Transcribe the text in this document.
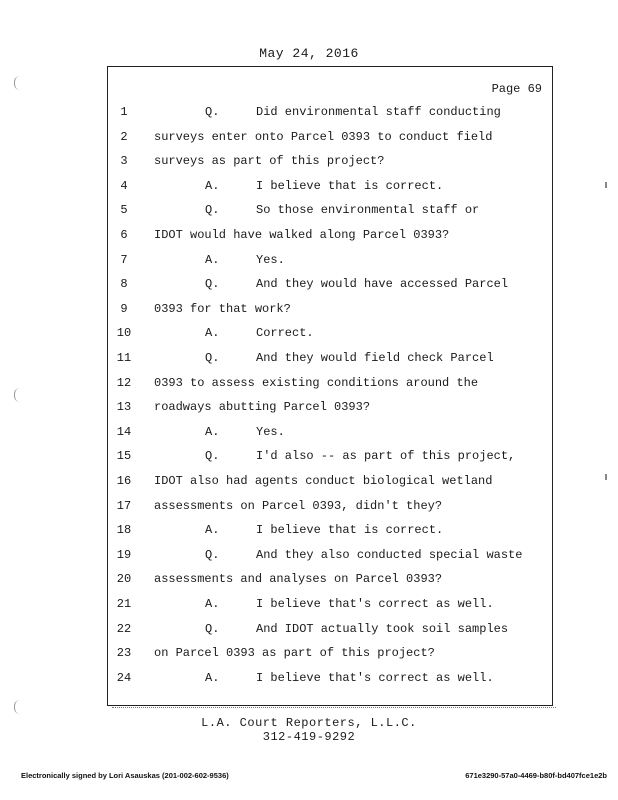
May 24, 2016
Page 69
1	Q.	Did environmental staff conducting
2	surveys enter onto Parcel 0393 to conduct field
3	surveys as part of this project?
4	A.	I believe that is correct.
5	Q.	So those environmental staff or
6	IDOT would have walked along Parcel 0393?
7	A.	Yes.
8	Q.	And they would have accessed Parcel
9	0393 for that work?
10	A.	Correct.
11	Q.	And they would field check Parcel
12 0393 to assess existing conditions around the
13 roadways abutting Parcel 0393?
14	A.	Yes.
15	Q.	I'd also -- as part of this project,
16 IDOT also had agents conduct biological wetland
17 assessments on Parcel 0393, didn't they?
18	A.	I believe that is correct.
19	Q.	And they also conducted special waste
20 assessments and analyses on Parcel 0393?
21	A.	I believe that's correct as well.
22	Q.	And IDOT actually took soil samples
23 on Parcel 0393 as part of this project?
24	A.	I believe that's correct as well.
L.A. Court Reporters, L.L.C.
312-419-9292
Electronically signed by Lori Asauskas (201-002-602-9536)	671e3290-57a0-4469-b80f-bd407fce1e2b
